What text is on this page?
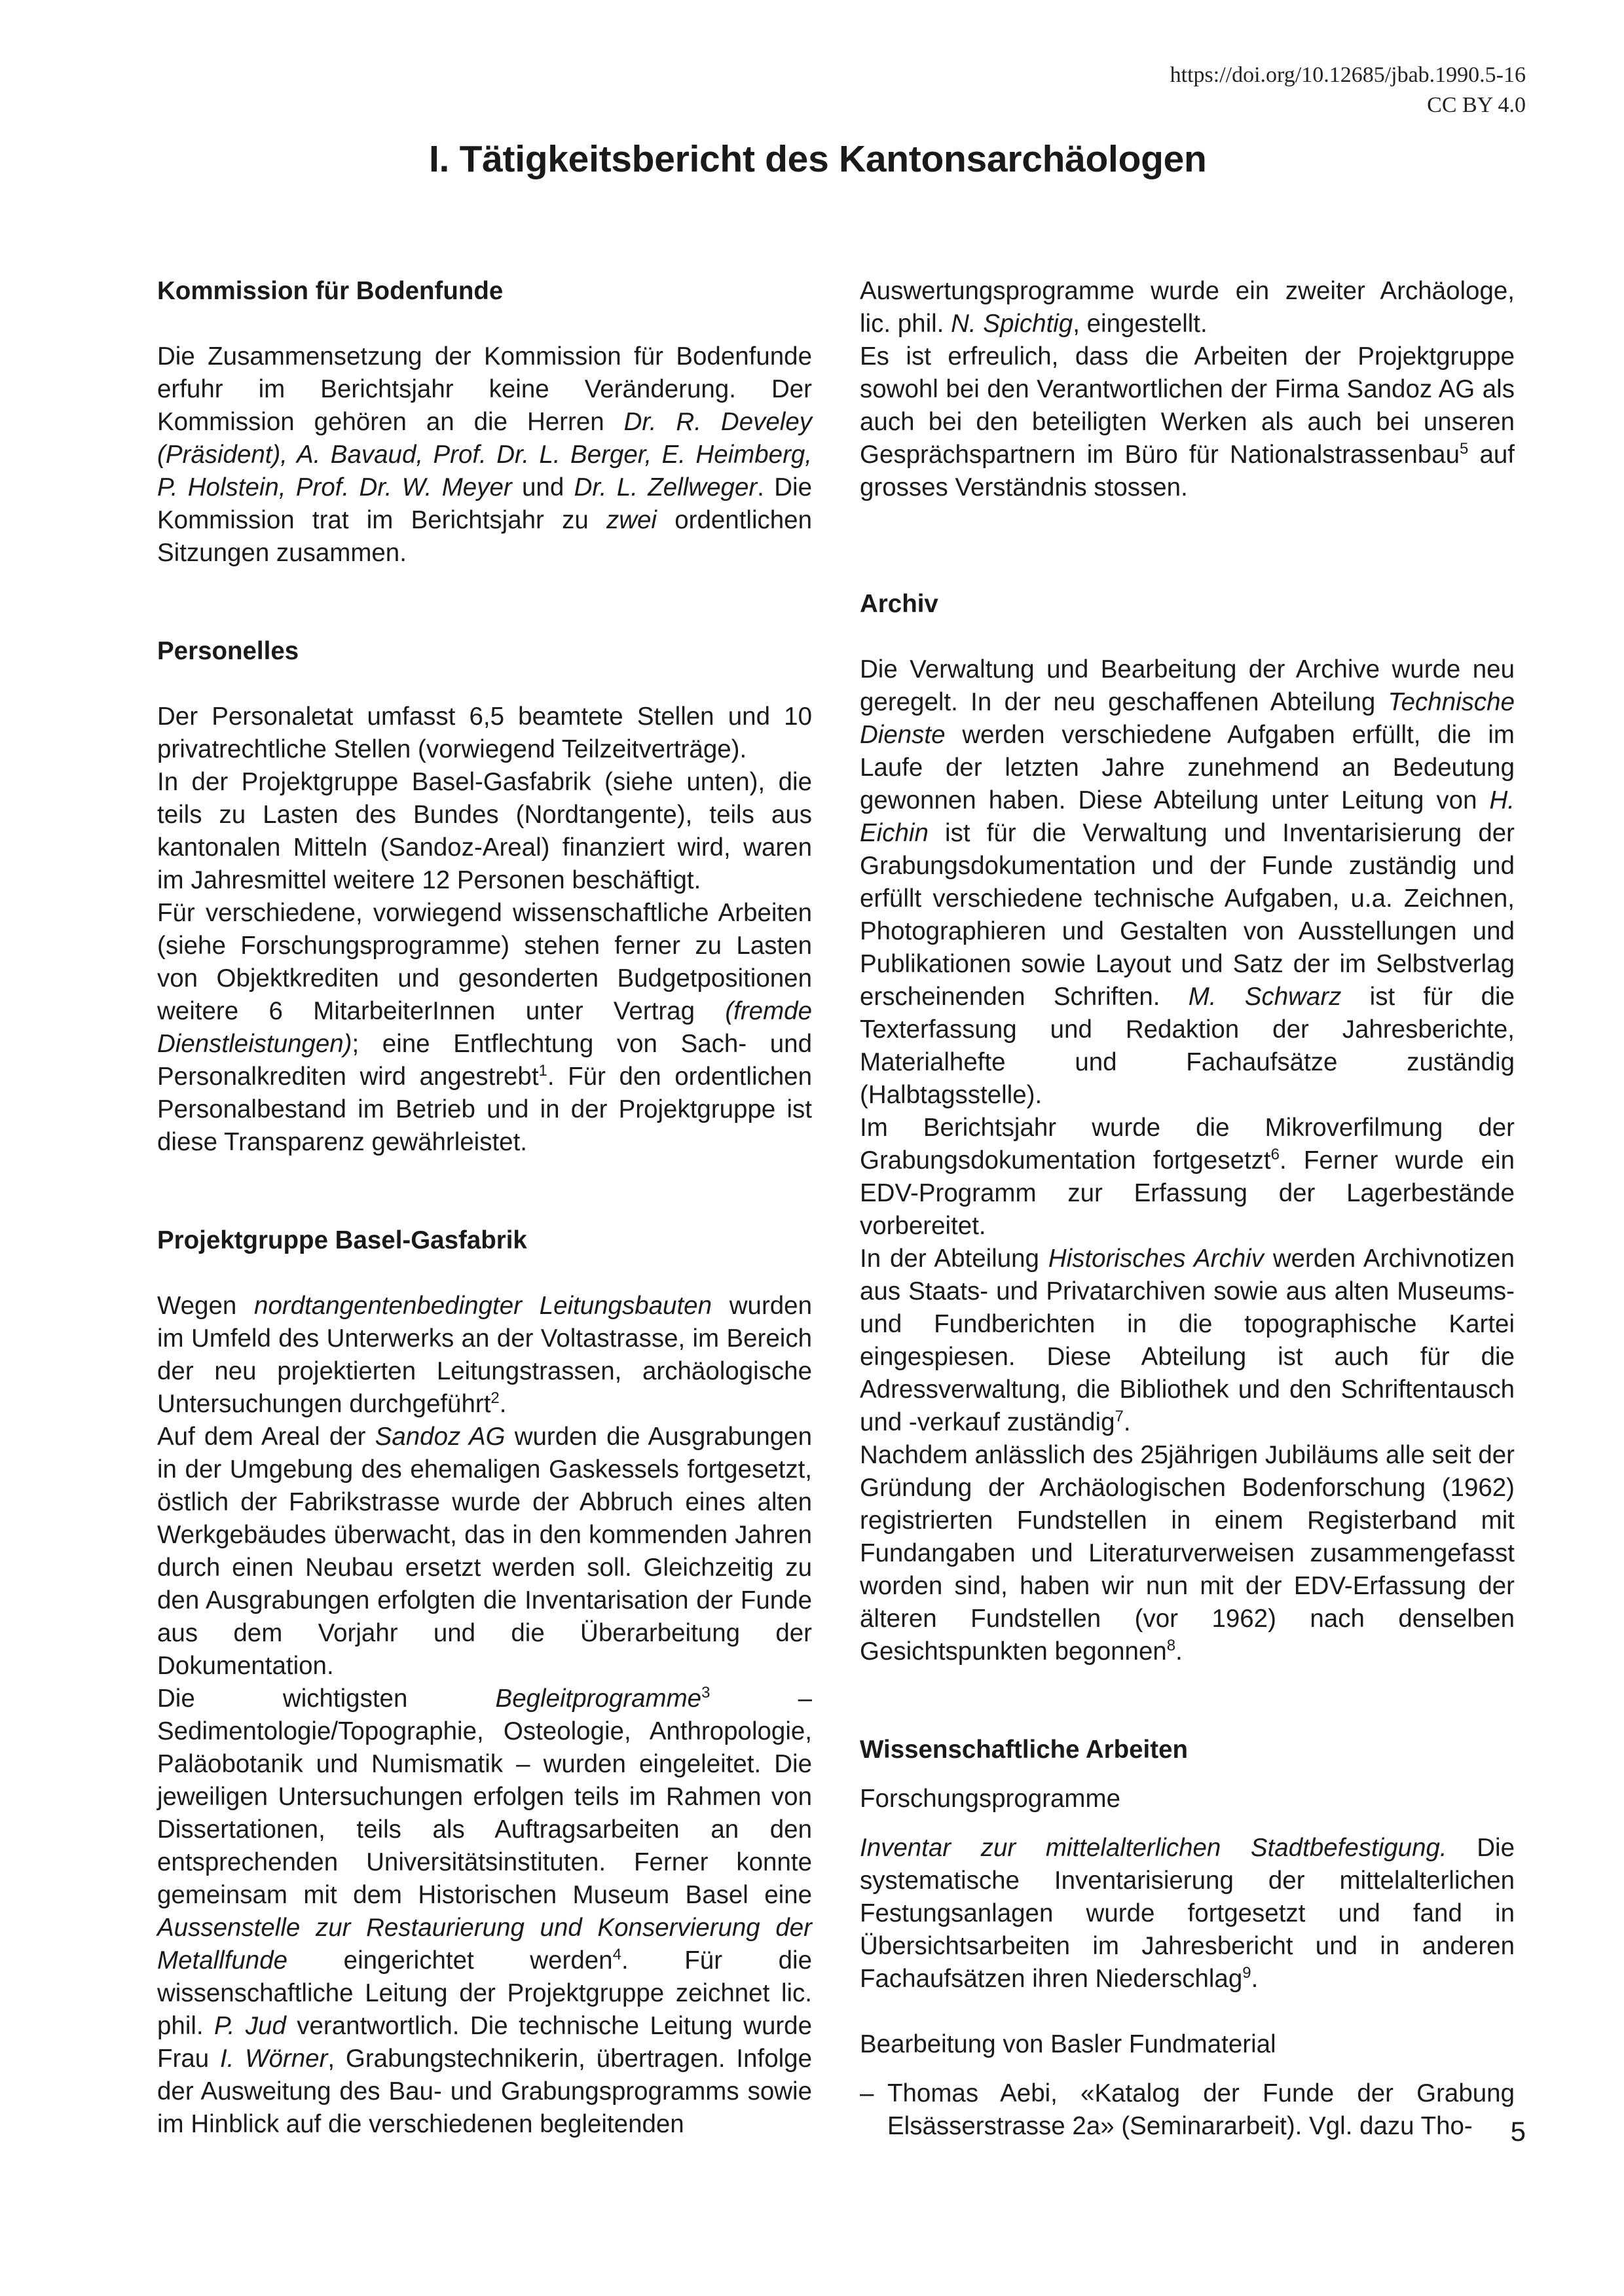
https://doi.org/10.12685/jbab.1990.5-16
CC BY 4.0
I. Tätigkeitsbericht des Kantonsarchäologen
Kommission für Bodenfunde

Die Zusammensetzung der Kommission für Bodenfunde erfuhr im Berichtsjahr keine Veränderung. Der Kommission gehören an die Herren Dr. R. Develey (Präsident), A. Bavaud, Prof. Dr. L. Berger, E. Heimberg, P. Holstein, Prof. Dr. W. Meyer und Dr. L. Zellweger. Die Kommission trat im Berichtsjahr zu zwei ordentlichen Sitzungen zusammen.

Personelles

Der Personaletat umfasst 6,5 beamtete Stellen und 10 privatrechtliche Stellen (vorwiegend Teilzeitverträge).

In der Projektgruppe Basel-Gasfabrik (siehe unten), die teils zu Lasten des Bundes (Nordtangente), teils aus kantonalen Mitteln (Sandoz-Areal) finanziert wird, waren im Jahresmittel weitere 12 Personen beschäftigt.

Für verschiedene, vorwiegend wissenschaftliche Arbeiten (siehe Forschungsprogramme) stehen ferner zu Lasten von Objektkrediten und gesonderten Budgetpositionen weitere 6 MitarbeiterInnen unter Vertrag (fremde Dienstleistungen); eine Entflechtung von Sach- und Personalkrediten wird angestrebt$^1$. Für den ordentlichen Personalbestand im Betrieb und in der Projektgruppe ist diese Transparenz gewährleistet.

Projektgruppe Basel-Gasfabrik

Wegen nordtangentenbedingter Leitungsbauten wurden im Umfeld des Unterwerks an der Voltastrasse, im Bereich der neu projektierten Leitungstrassen, archäologische Untersuchungen durchgeführt$^2$.

Auf dem Areal der Sandoz AG wurden die Ausgrabungen in der Umgebung des ehemaligen Gaskessels fortgesetzt, östlich der Fabrikstrasse wurde der Abbruch eines alten Werkgebäudes überwacht, das in den kommenden Jahren durch einen Neubau ersetzt werden soll. Gleichzeitig zu den Ausgrabungen erfolgten die Inventarisation der Funde aus dem Vorjahr und die Überarbeitung der Dokumentation.

Die wichtigsten Begleitprogramme$^3$ – Sedimentologie/Topographie, Osteologie, Anthropologie, Paläobotanik und Numismatik – wurden eingeleitet. Die jeweiligen Untersuchungen erfolgen teils im Rahmen von Dissertationen, teils als Auftragsarbeiten an den entsprechenden Universitätsinstituten. Ferner konnte gemeinsam mit dem Historischen Museum Basel eine Aussenstelle zur Restaurierung und Konservierung der Metallfunde eingerichtet werden$^4$. Für die wissenschaftliche Leitung der Projektgruppe zeichnet lic. phil. P. Jud verantwortlich. Die technische Leitung wurde Frau I. Wörner, Grabungstechnikerin, übertragen. Infolge der Ausweitung des Bau- und Grabungsprogramms sowie im Hinblick auf die verschiedenen begleitenden

Auswertungsprogramme wurde ein zweiter Archäologe, lic. phil. N. Spichtig, eingestellt.

Es ist erfreulich, dass die Arbeiten der Projektgruppe sowohl bei den Verantwortlichen der Firma Sandoz AG als auch bei den beteiligten Werken als auch bei unseren Gesprächspartnern im Büro für Nationalstrassenbau$^5$ auf grosses Verständnis stossen.

Archiv

Die Verwaltung und Bearbeitung der Archive wurde neu geregelt. In der neu geschaffenen Abteilung Technische Dienste werden verschiedene Aufgaben erfüllt, die im Laufe der letzten Jahre zunehmend an Bedeutung gewonnen haben. Diese Abteilung unter Leitung von H. Eichin ist für die Verwaltung und Inventarisierung der Grabungsdokumentation und der Funde zuständig und erfüllt verschiedene technische Aufgaben, u.a. Zeichnen, Photographieren und Gestalten von Ausstellungen und Publikationen sowie Layout und Satz der im Selbstverlag erscheinenden Schriften. M. Schwarz ist für die Texterfassung und Redaktion der Jahresberichte, Materialhefte und Fachaufsätze zuständig (Halbtagsstelle).

Im Berichtsjahr wurde die Mikroverfilmung der Grabungsdokumentation fortgesetzt$^6$. Ferner wurde ein EDV-Programm zur Erfassung der Lagerbestände vorbereitet.

In der Abteilung Historisches Archiv werden Archivnotizen aus Staats- und Privatarchiven sowie aus alten Museums- und Fundberichten in die topographische Kartei eingespiesen. Diese Abteilung ist auch für die Adressverwaltung, die Bibliothek und den Schriftentausch und -verkauf zuständig$^7$.

Nachdem anlässlich des 25jährigen Jubiläums alle seit der Gründung der Archäologischen Bodenforschung (1962) registrierten Fundstellen in einem Registerband mit Fundangaben und Literaturverweisen zusammengefasst worden sind, haben wir nun mit der EDV-Erfassung der älteren Fundstellen (vor 1962) nach denselben Gesichtspunkten begonnen$^8$.

Wissenschaftliche Arbeiten

Forschungsprogramme

Inventar zur mittelalterlichen Stadtbefestigung. Die systematische Inventarisierung der mittelalterlichen Festungsanlagen wurde fortgesetzt und fand in Übersichtsarbeiten im Jahresbericht und in anderen Fachaufsätzen ihren Niederschlag$^9$.

Bearbeitung von Basler Fundmaterial

– Thomas Aebi, «Katalog der Funde der Grabung Elsässerstrasse 2a» (Seminararbeit). Vgl. dazu Tho-	5
